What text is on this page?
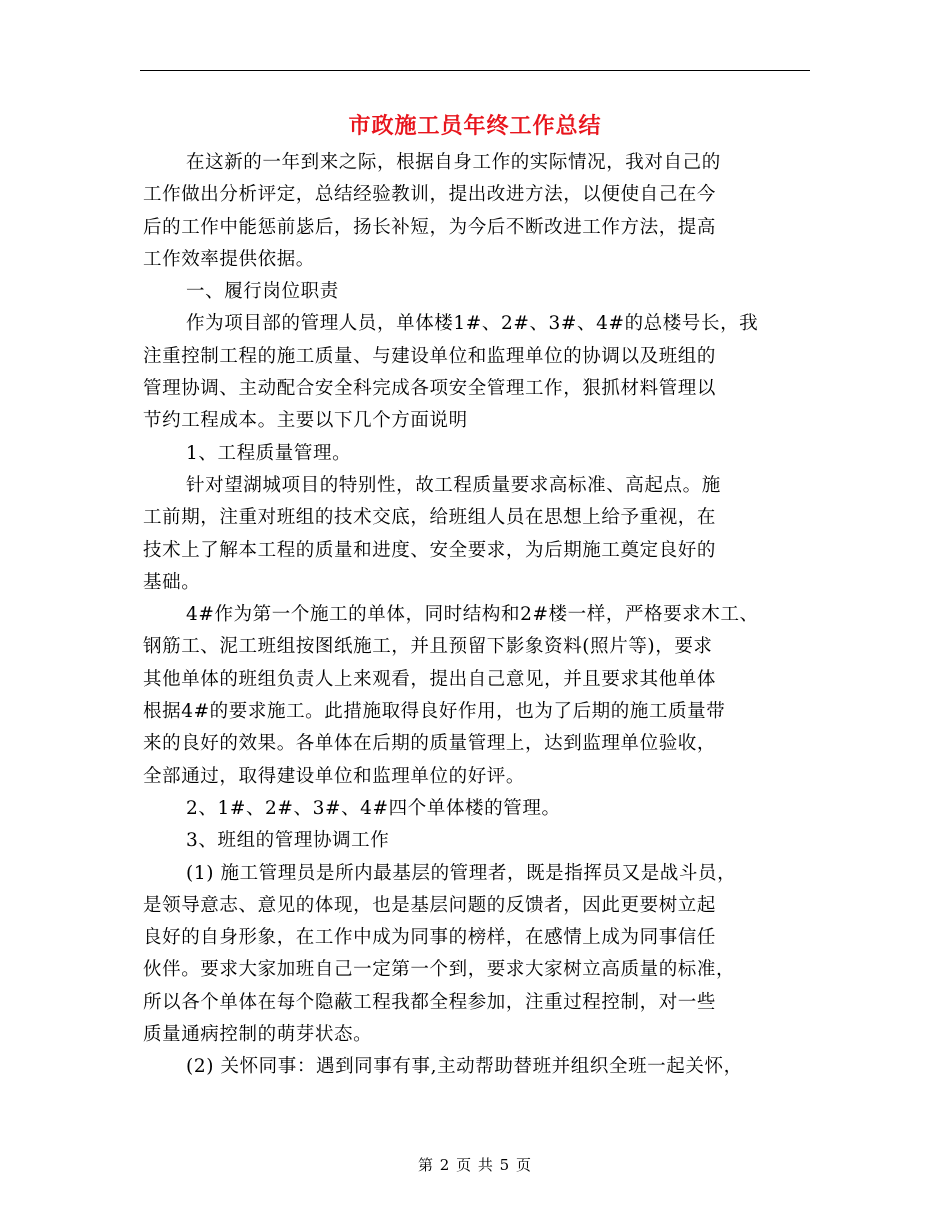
市政施工员年终工作总结
在这新的一年到来之际，根据自身工作的实际情况，我对自己的
工作做出分析评定，总结经验教训，提出改进方法，以便使自己在今
后的工作中能惩前毖后，扬长补短，为今后不断改进工作方法，提高
工作效率提供依据。
一、履行岗位职责
作为项目部的管理人员，单体楼1#、2#、3#、4#的总楼号长，我
注重控制工程的施工质量、与建设单位和监理单位的协调以及班组的
管理协调、主动配合安全科完成各项安全管理工作，狠抓材料管理以
节约工程成本。主要以下几个方面说明
1、工程质量管理。
针对望湖城项目的特别性，故工程质量要求高标准、高起点。施
工前期，注重对班组的技术交底，给班组人员在思想上给予重视，在
技术上了解本工程的质量和进度、安全要求，为后期施工奠定良好的
基础。
4#作为第一个施工的单体，同时结构和2#楼一样，严格要求木工、
钢筋工、泥工班组按图纸施工，并且预留下影象资料(照片等)，要求
其他单体的班组负责人上来观看，提出自己意见，并且要求其他单体
根据4#的要求施工。此措施取得良好作用，也为了后期的施工质量带
来的良好的效果。各单体在后期的质量管理上，达到监理单位验收，
全部通过，取得建设单位和监理单位的好评。
2、1#、2#、3#、4#四个单体楼的管理。
3、班组的管理协调工作
(1) 施工管理员是所内最基层的管理者，既是指挥员又是战斗员，
是领导意志、意见的体现，也是基层问题的反馈者，因此更要树立起
良好的自身形象，在工作中成为同事的榜样，在感情上成为同事信任
伙伴。要求大家加班自己一定第一个到，要求大家树立高质量的标准，
所以各个单体在每个隐蔽工程我都全程参加，注重过程控制，对一些
质量通病控制的萌芽状态。
(2) 关怀同事：遇到同事有事,主动帮助替班并组织全班一起关怀，
第 2 页 共 5 页
